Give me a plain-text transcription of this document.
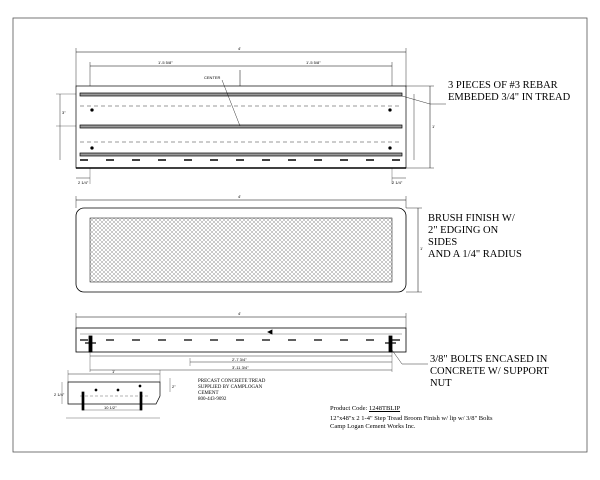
3 PIECES OF #3 REBAR
EMBEDED 3/4" IN TREAD
BRUSH FINISH W/
2" EDGING ON
SIDES
AND A 1/4" RADIUS
3/8" BOLTS ENCASED IN
CONCRETE W/ SUPPORT
NUT
4'
1'-5 5/8"	1'-5 5/8"
CENTER
2 1/4"	2 1/4"
1'
3"
4'
1'
4'
2'-7 3/4"
3'-11 3/4"
1'
10 1/2"
2 1/4"
2"
PRECAST CONCRETE TREAD
SUPPLIED BY CAMPLOGAN
CEMENT
800-443-9092
Product Code: 1248TBLIP
12"x48"x 2 1-4" Step Tread Broom Finish w/ lip w/ 3/8" Bolts
Camp Logan Cement Works Inc.
